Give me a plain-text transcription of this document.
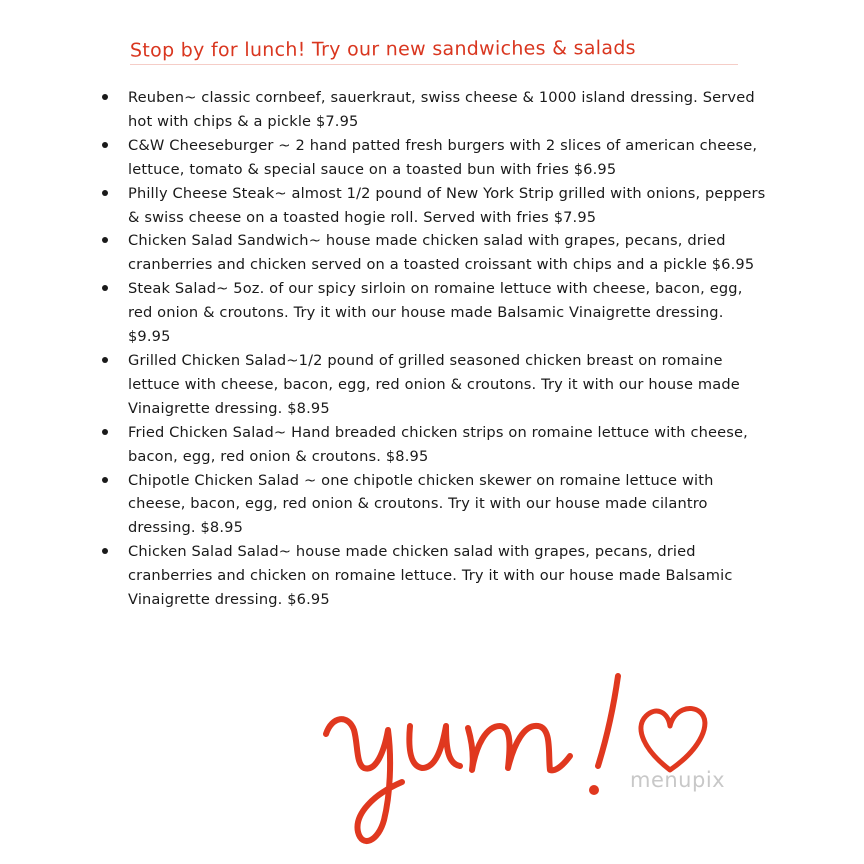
Stop by for lunch! Try our new sandwiches & salads
Reuben~ classic cornbeef, sauerkraut, swiss cheese & 1000 island dressing. Served hot with chips & a pickle $7.95
C&W Cheeseburger ~ 2 hand patted fresh burgers with 2 slices of american cheese, lettuce, tomato & special sauce on a toasted bun with fries $6.95
Philly Cheese Steak~ almost 1/2 pound of New York Strip grilled with onions, peppers & swiss cheese on a toasted hogie roll. Served with fries $7.95
Chicken Salad Sandwich~ house made chicken salad with grapes, pecans, dried cranberries and chicken served on a toasted croissant with chips and a pickle $6.95
Steak Salad~ 5oz. of our spicy sirloin on romaine lettuce with cheese, bacon, egg, red onion & croutons. Try it with our house made Balsamic Vinaigrette dressing. $9.95
Grilled Chicken Salad~1/2 pound of grilled seasoned chicken breast on romaine lettuce with cheese, bacon, egg, red onion & croutons. Try it with our house made Vinaigrette dressing. $8.95
Fried Chicken Salad~ Hand breaded chicken strips on romaine lettuce with cheese, bacon, egg, red onion & croutons. $8.95
Chipotle Chicken Salad ~ one chipotle chicken skewer on romaine lettuce with cheese, bacon, egg, red onion & croutons. Try it with our house made cilantro dressing. $8.95
Chicken Salad Salad~ house made chicken salad with grapes, pecans, dried cranberries and chicken on romaine lettuce. Try it with our house made Balsamic Vinaigrette dressing. $6.95
menupix
